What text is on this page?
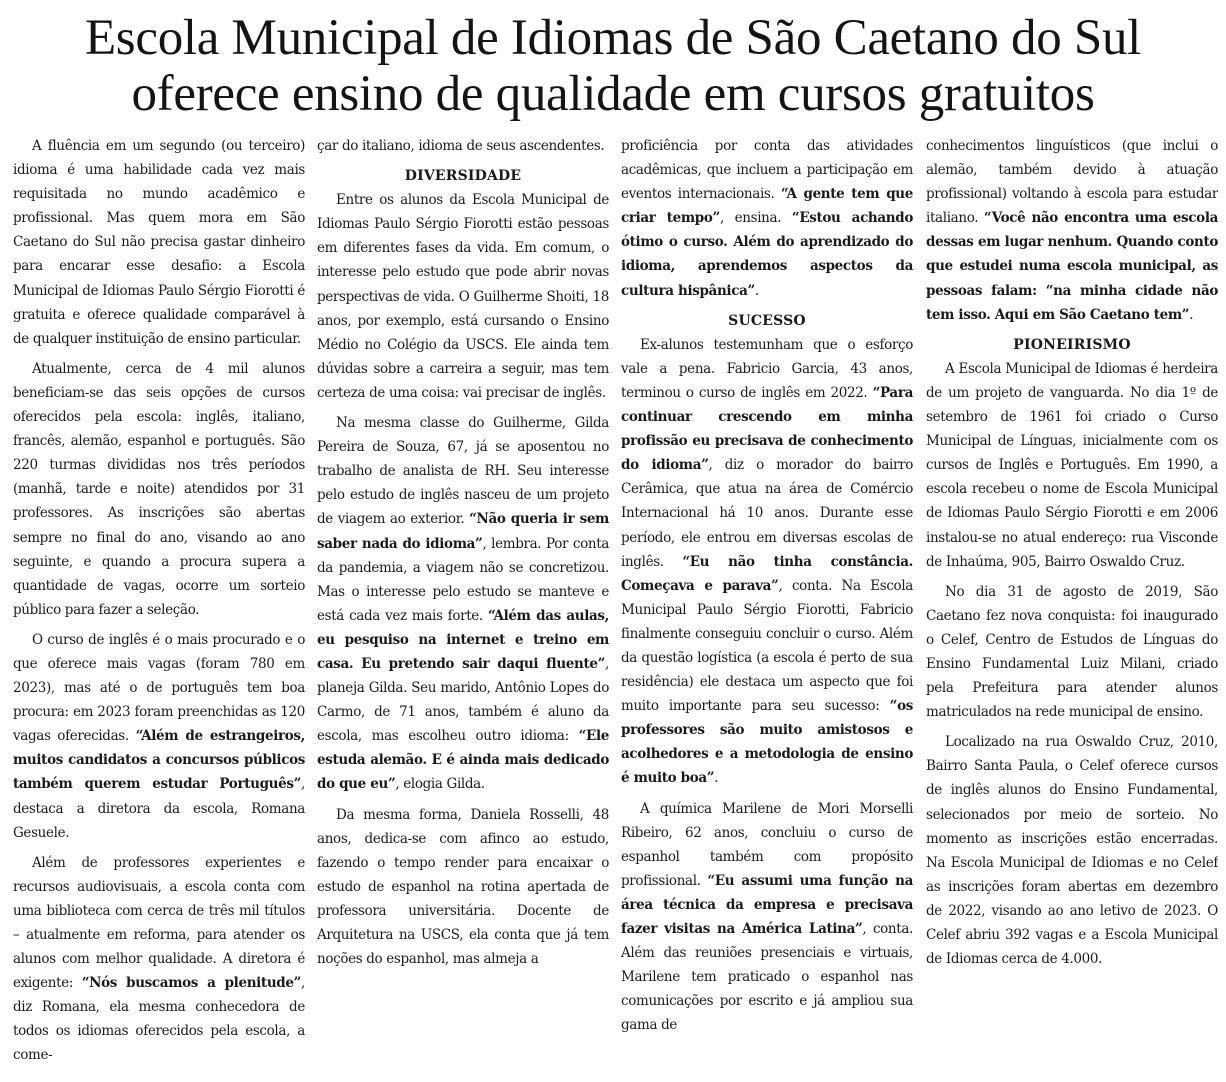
Escola Municipal de Idiomas de São Caetano do Sul
oferece ensino de qualidade em cursos gratuitos

A fluência em um segundo (ou terceiro) idioma é uma habilidade cada vez mais requisitada no mundo acadêmico e profissional. Mas quem mora em São Caetano do Sul não precisa gastar dinheiro para encarar esse desafio: a Escola Municipal de Idiomas Paulo Sérgio Fiorotti é gratuita e oferece qualidade comparável à de qualquer instituição de ensino particular.

Atualmente, cerca de 4 mil alunos beneficiam-se das seis opções de cursos oferecidos pela escola: inglês, italiano, francês, alemão, espanhol e português. São 220 turmas divididas nos três períodos (manhã, tarde e noite) atendidos por 31 professores. As inscrições são abertas sempre no final do ano, visando ao ano seguinte, e quando a procura supera a quantidade de vagas, ocorre um sorteio público para fazer a seleção.

O curso de inglês é o mais procurado e o que oferece mais vagas (foram 780 em 2023), mas até o de português tem boa procura: em 2023 foram preenchidas as 120 vagas oferecidas. “Além de estrangeiros, muitos candidatos a concursos públicos também querem estudar Português”, destaca a diretora da escola, Romana Gesuele.

Além de professores experientes e recursos audiovisuais, a escola conta com uma biblioteca com cerca de três mil títulos – atualmente em reforma, para atender os alunos com melhor qualidade. A diretora é exigente: “Nós buscamos a plenitude”, diz Romana, ela mesma conhecedora de todos os idiomas oferecidos pela escola, a come-

çar do italiano, idioma de seus ascendentes.

DIVERSIDADE

Entre os alunos da Escola Municipal de Idiomas Paulo Sérgio Fiorotti estão pessoas em diferentes fases da vida. Em comum, o interesse pelo estudo que pode abrir novas perspectivas de vida. O Guilherme Shoiti, 18 anos, por exemplo, está cursando o Ensino Médio no Colégio da USCS. Ele ainda tem dúvidas sobre a carreira a seguir, mas tem certeza de uma coisa: vai precisar de inglês.

Na mesma classe do Guilherme, Gilda Pereira de Souza, 67, já se aposentou no trabalho de analista de RH. Seu interesse pelo estudo de inglês nasceu de um projeto de viagem ao exterior. “Não queria ir sem saber nada do idioma”, lembra. Por conta da pandemia, a viagem não se concretizou. Mas o interesse pelo estudo se manteve e está cada vez mais forte. “Além das aulas, eu pesquiso na internet e treino em casa. Eu pretendo sair daqui fluente”, planeja Gilda. Seu marido, Antônio Lopes do Carmo, de 71 anos, também é aluno da escola, mas escolheu outro idioma: “Ele estuda alemão. E é ainda mais dedicado do que eu”, elogia Gilda.

Da mesma forma, Daniela Rosselli, 48 anos, dedica-se com afinco ao estudo, fazendo o tempo render para encaixar o estudo de espanhol na rotina apertada de professora universitária. Docente de Arquitetura na USCS, ela conta que já tem noções do espanhol, mas almeja a

proficiência por conta das atividades acadêmicas, que incluem a participação em eventos internacionais. “A gente tem que criar tempo”, ensina. “Estou achando ótimo o curso. Além do aprendizado do idioma, aprendemos aspectos da cultura hispânica”.

SUCESSO

Ex-alunos testemunham que o esforço vale a pena. Fabricio Garcia, 43 anos, terminou o curso de inglês em 2022. “Para continuar crescendo em minha profissão eu precisava de conhecimento do idioma”, diz o morador do bairro Cerâmica, que atua na área de Comércio Internacional há 10 anos. Durante esse período, ele entrou em diversas escolas de inglês. “Eu não tinha constância. Começava e parava”, conta. Na Escola Municipal Paulo Sérgio Fiorotti, Fabricio finalmente conseguiu concluir o curso. Além da questão logística (a escola é perto de sua residência) ele destaca um aspecto que foi muito importante para seu sucesso: “os professores são muito amistosos e acolhedores e a metodologia de ensino é muito boa”.

A química Marilene de Mori Morselli Ribeiro, 62 anos, concluiu o curso de espanhol também com propósito profissional. “Eu assumi uma função na área técnica da empresa e precisava fazer visitas na América Latina”, conta. Além das reuniões presenciais e virtuais, Marilene tem praticado o espanhol nas comunicações por escrito e já ampliou sua gama de

conhecimentos linguísticos (que inclui o alemão, também devido à atuação profissional) voltando à escola para estudar italiano. “Você não encontra uma escola dessas em lugar nenhum. Quando conto que estudei numa escola municipal, as pessoas falam: “na minha cidade não tem isso. Aqui em São Caetano tem”.

PIONEIRISMO

A Escola Municipal de Idiomas é herdeira de um projeto de vanguarda. No dia 1º de setembro de 1961 foi criado o Curso Municipal de Línguas, inicialmente com os cursos de Inglês e Português. Em 1990, a escola recebeu o nome de Escola Municipal de Idiomas Paulo Sérgio Fiorotti e em 2006 instalou-se no atual endereço: rua Visconde de Inhaúma, 905, Bairro Oswaldo Cruz.

No dia 31 de agosto de 2019, São Caetano fez nova conquista: foi inaugurado o Celef, Centro de Estudos de Línguas do Ensino Fundamental Luiz Milani, criado pela Prefeitura para atender alunos matriculados na rede municipal de ensino.

Localizado na rua Oswaldo Cruz, 2010, Bairro Santa Paula, o Celef oferece cursos de inglês alunos do Ensino Fundamental, selecionados por meio de sorteio. No momento as inscrições estão encerradas. Na Escola Municipal de Idiomas e no Celef as inscrições foram abertas em dezembro de 2022, visando ao ano letivo de 2023. O Celef abriu 392 vagas e a Escola Municipal de Idiomas cerca de 4.000.
